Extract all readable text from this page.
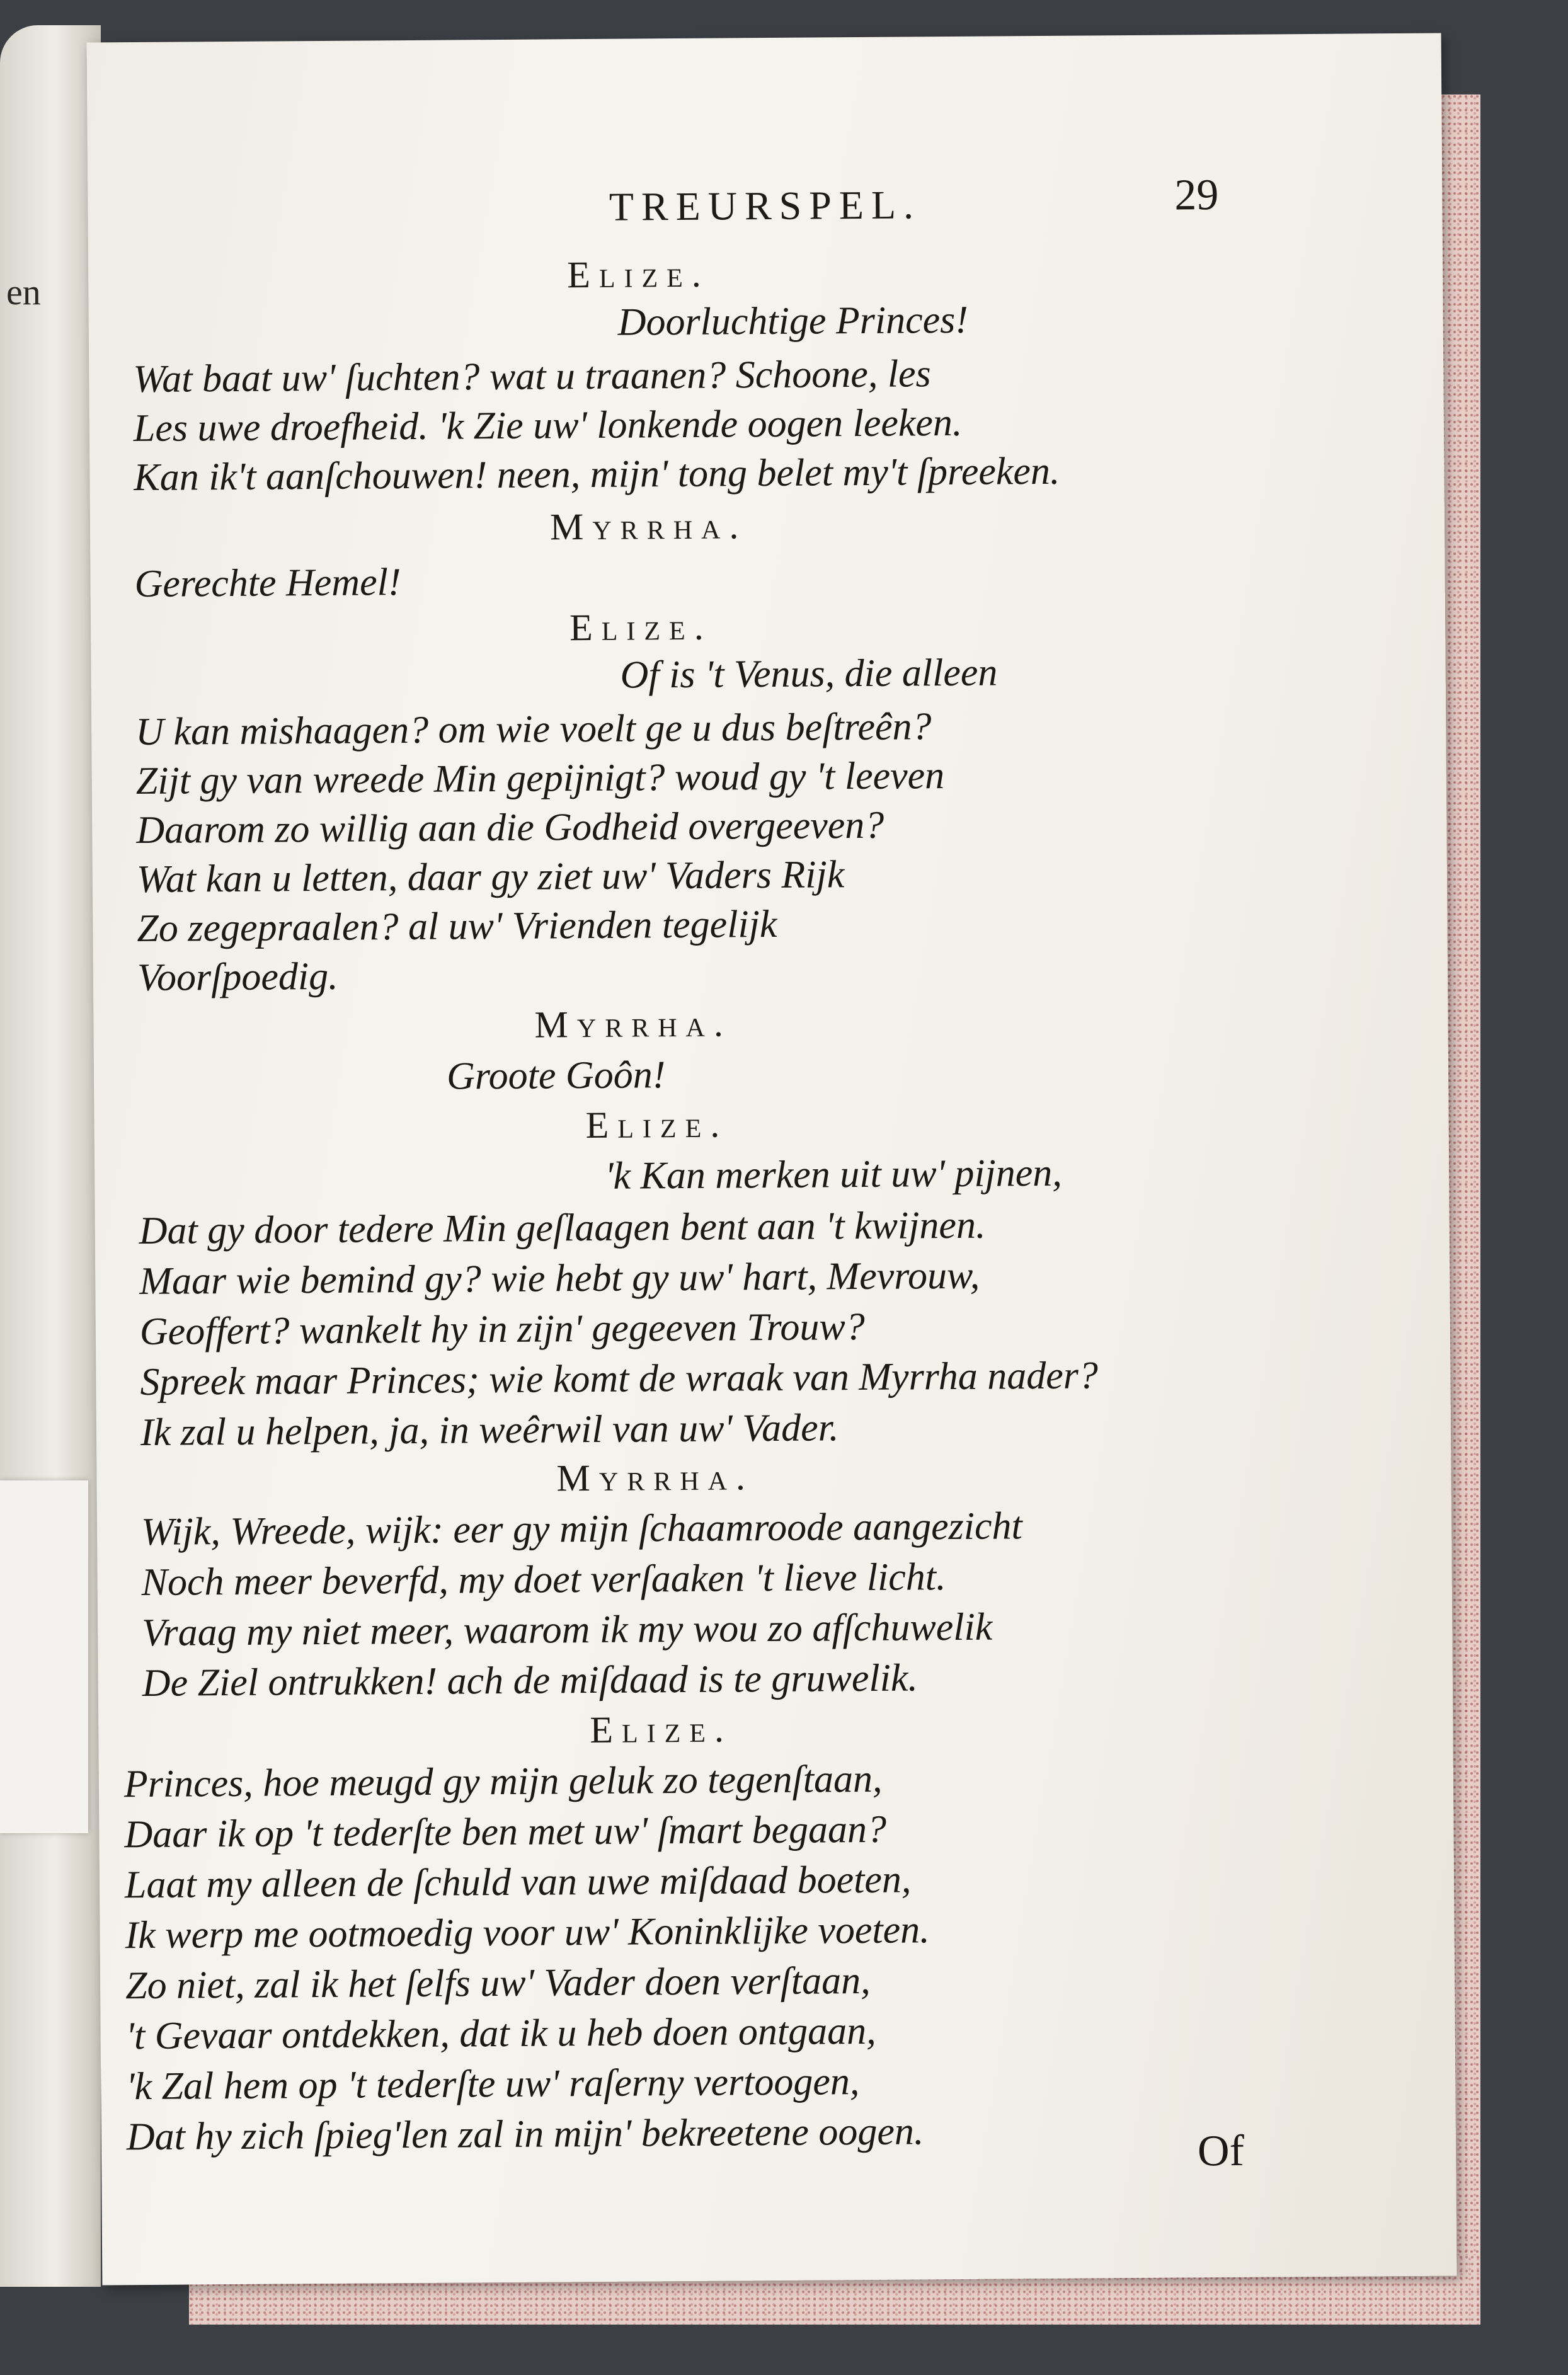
en
TREURSPEL.	29
Elize.
Doorluchtige Princes!
Wat baat uw' ſuchten? wat u traanen? Schoone, les
Les uwe droefheid. 'k Zie uw' lonkende oogen leeken.
Kan ik't aanſchouwen! neen, mijn' tong belet my't ſpreeken.
Myrrha.
Gerechte Hemel!
Elize.
Of is 't Venus, die alleen
U kan mishaagen? om wie voelt ge u dus beſtreên?
Zijt gy van wreede Min gepijnigt? woud gy 't leeven
Daarom zo willig aan die Godheid overgeeven?
Wat kan u letten, daar gy ziet uw' Vaders Rijk
Zo zegepraalen? al uw' Vrienden tegelijk
Voorſpoedig.
Myrrha.
Groote Goôn!
Elize.
'k Kan merken uit uw' pijnen,
Dat gy door tedere Min geſlaagen bent aan 't kwijnen.
Maar wie bemind gy? wie hebt gy uw' hart, Mevrouw,
Geoffert? wankelt hy in zijn' gegeeven Trouw?
Spreek maar Princes; wie komt de wraak van Myrrha nader?
Ik zal u helpen, ja, in weêrwil van uw' Vader.
Myrrha.
Wijk, Wreede, wijk: eer gy mijn ſchaamroode aangezicht
Noch meer beverfd, my doet verſaaken 't lieve licht.
Vraag my niet meer, waarom ik my wou zo afſchuwelik
De Ziel ontrukken! ach de miſdaad is te gruwelik.
Elize.
Princes, hoe meugd gy mijn geluk zo tegenſtaan,
Daar ik op 't tederſte ben met uw' ſmart begaan?
Laat my alleen de ſchuld van uwe miſdaad boeten,
Ik werp me ootmoedig voor uw' Koninklijke voeten.
Zo niet, zal ik het ſelfs uw' Vader doen verſtaan,
't Gevaar ontdekken, dat ik u heb doen ontgaan,
'k Zal hem op 't tederſte uw' raſerny vertoogen,
Dat hy zich ſpieg'len zal in mijn' bekreetene oogen.	Of
